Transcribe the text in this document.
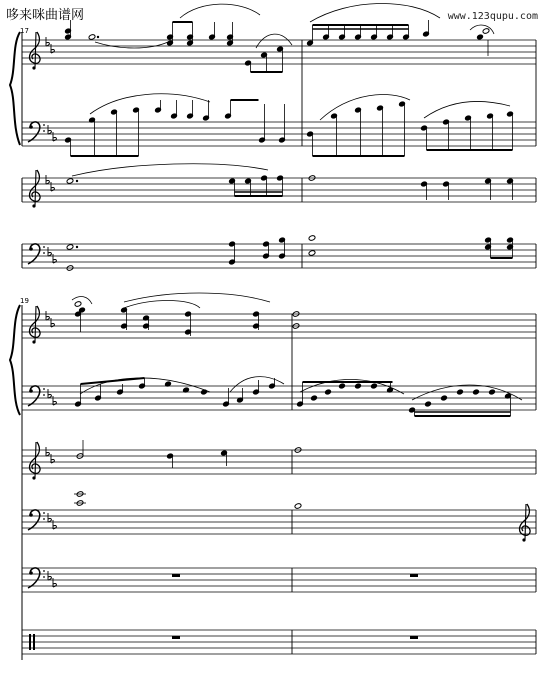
哆来咪曲谱网	www.123qupu.com
17
19
